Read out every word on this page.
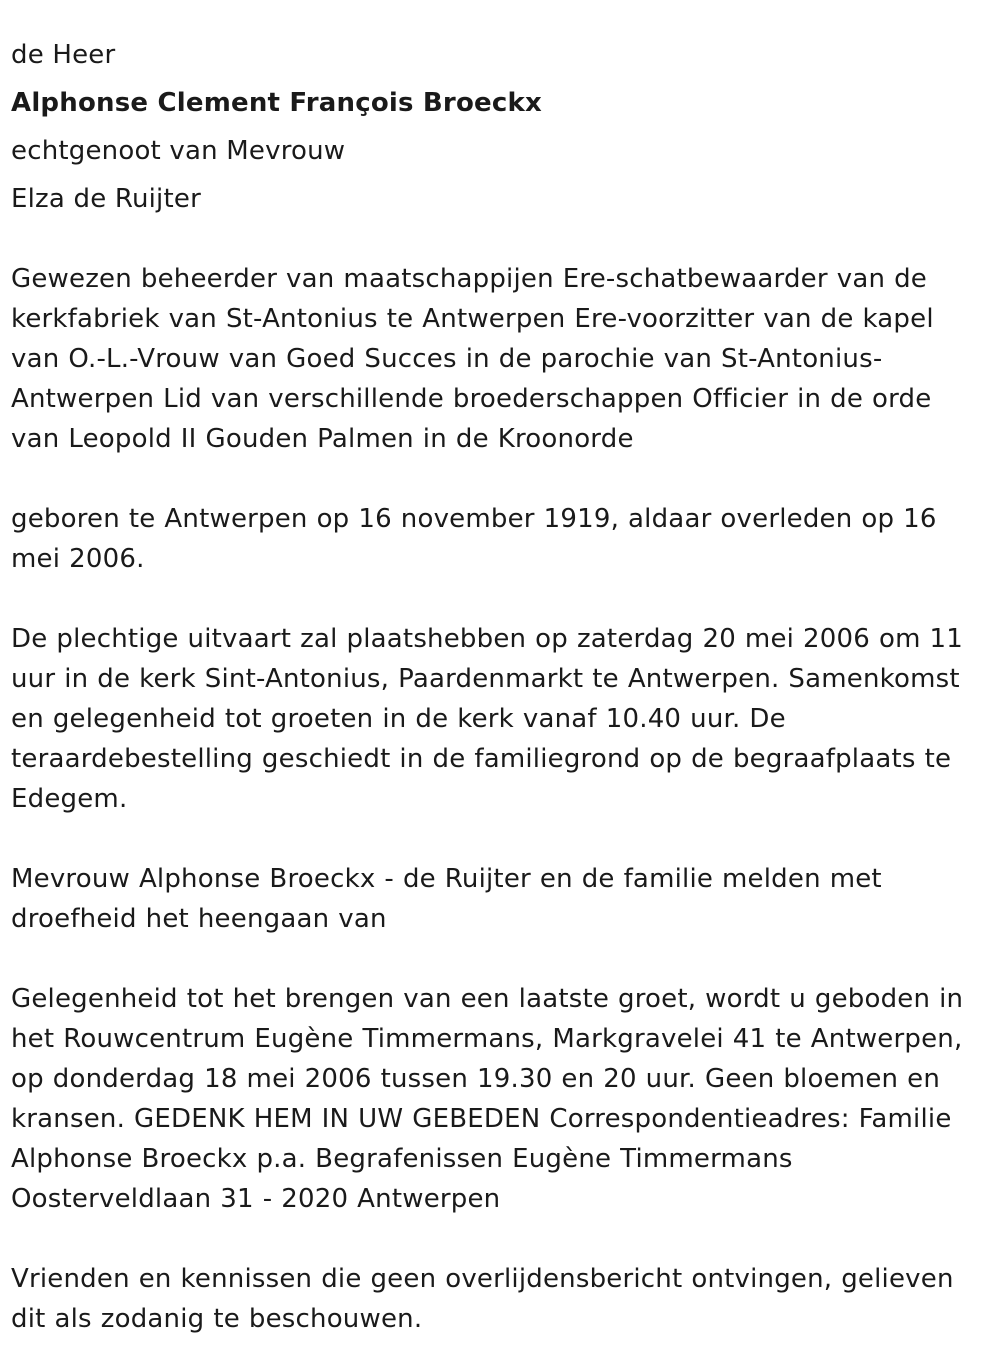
de Heer
Alphonse Clement François Broeckx
echtgenoot van Mevrouw
Elza de Ruijter
Gewezen beheerder van maatschappijen Ere-schatbewaarder van de kerkfabriek van St-Antonius te Antwerpen Ere-voorzitter van de kapel van O.-L.-Vrouw van Goed Succes in de parochie van St-Antonius-Antwerpen Lid van verschillende broederschappen Officier in de orde van Leopold II Gouden Palmen in de Kroonorde
geboren te Antwerpen op 16 november 1919, aldaar overleden op 16 mei 2006.
De plechtige uitvaart zal plaatshebben op zaterdag 20 mei 2006 om 11 uur in de kerk Sint-Antonius, Paardenmarkt te Antwerpen. Samenkomst en gelegenheid tot groeten in de kerk vanaf 10.40 uur. De teraardebestelling geschiedt in de familiegrond op de begraafplaats te Edegem.
Mevrouw Alphonse Broeckx - de Ruijter en de familie melden met droefheid het heengaan van
Gelegenheid tot het brengen van een laatste groet, wordt u geboden in het Rouwcentrum Eugène Timmermans, Markgravelei 41 te Antwerpen, op donderdag 18 mei 2006 tussen 19.30 en 20 uur. Geen bloemen en kransen. GEDENK HEM IN UW GEBEDEN Correspondentieadres: Familie Alphonse Broeckx p.a. Begrafenissen Eugène Timmermans Oosterveldlaan 31 - 2020 Antwerpen
Vrienden en kennissen die geen overlijdensbericht ontvingen, gelieven dit als zodanig te beschouwen.
